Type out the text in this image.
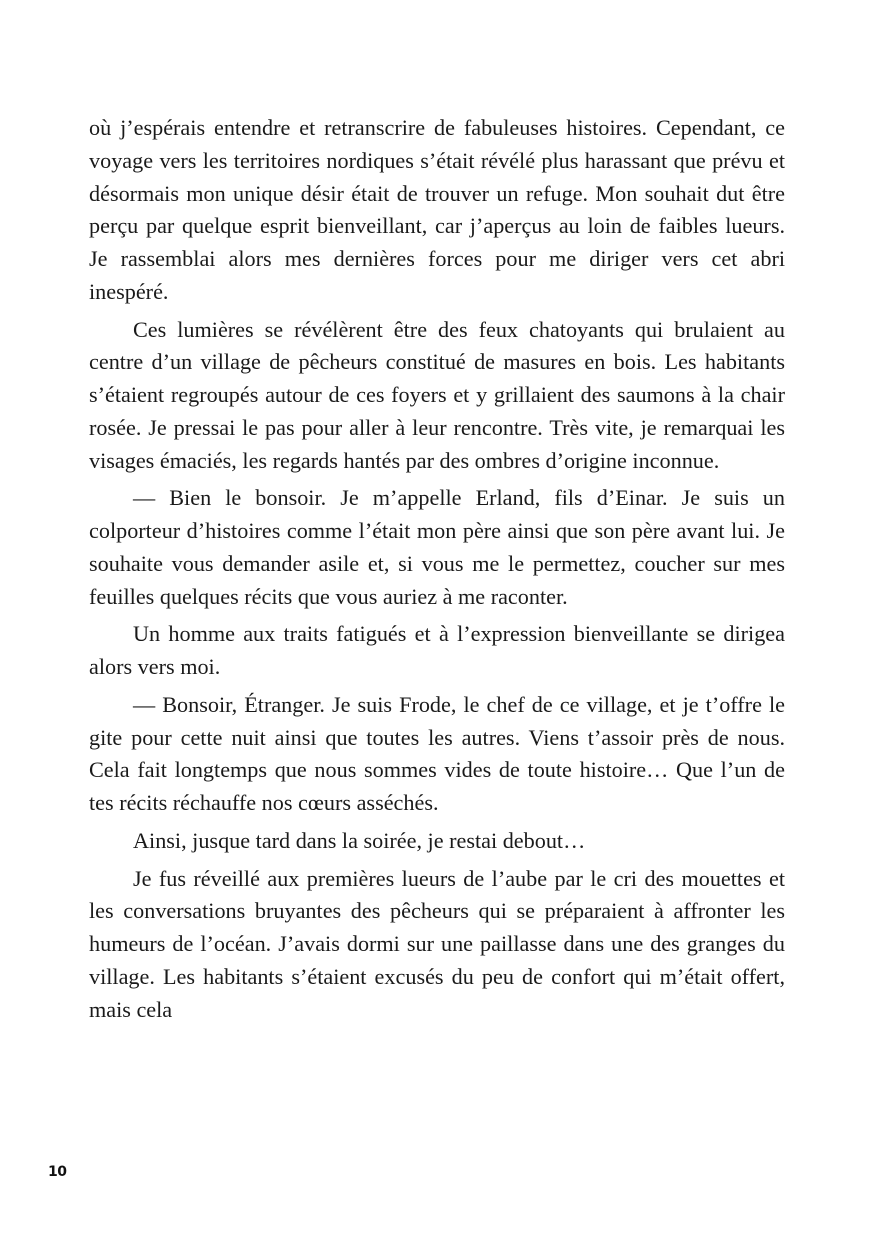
où j’espérais entendre et retranscrire de fabuleuses histoires. Cependant, ce voyage vers les territoires nordiques s’était révélé plus harassant que prévu et désormais mon unique désir était de trouver un refuge. Mon souhait dut être perçu par quelque esprit bienveillant, car j’aperçus au loin de faibles lueurs. Je rassemblai alors mes dernières forces pour me diriger vers cet abri inespéré.

Ces lumières se révélèrent être des feux chatoyants qui brulaient au centre d’un village de pêcheurs constitué de masures en bois. Les habitants s’étaient regroupés autour de ces foyers et y grillaient des saumons à la chair rosée. Je pressai le pas pour aller à leur rencontre. Très vite, je remarquai les visages émaciés, les regards hantés par des ombres d’origine inconnue.

— Bien le bonsoir. Je m’appelle Erland, fils d’Einar. Je suis un colporteur d’histoires comme l’était mon père ainsi que son père avant lui. Je souhaite vous demander asile et, si vous me le permettez, coucher sur mes feuilles quelques récits que vous auriez à me raconter.

Un homme aux traits fatigués et à l’expression bienveillante se dirigea alors vers moi.

— Bonsoir, Étranger. Je suis Frode, le chef de ce village, et je t’offre le gite pour cette nuit ainsi que toutes les autres. Viens t’assoir près de nous. Cela fait longtemps que nous sommes vides de toute histoire… Que l’un de tes récits réchauffe nos cœurs asséchés.

Ainsi, jusque tard dans la soirée, je restai debout…

Je fus réveillé aux premières lueurs de l’aube par le cri des mouettes et les conversations bruyantes des pêcheurs qui se préparaient à affronter les humeurs de l’océan. J’avais dormi sur une paillasse dans une des granges du village. Les habitants s’étaient excusés du peu de confort qui m’était offert, mais cela

10
